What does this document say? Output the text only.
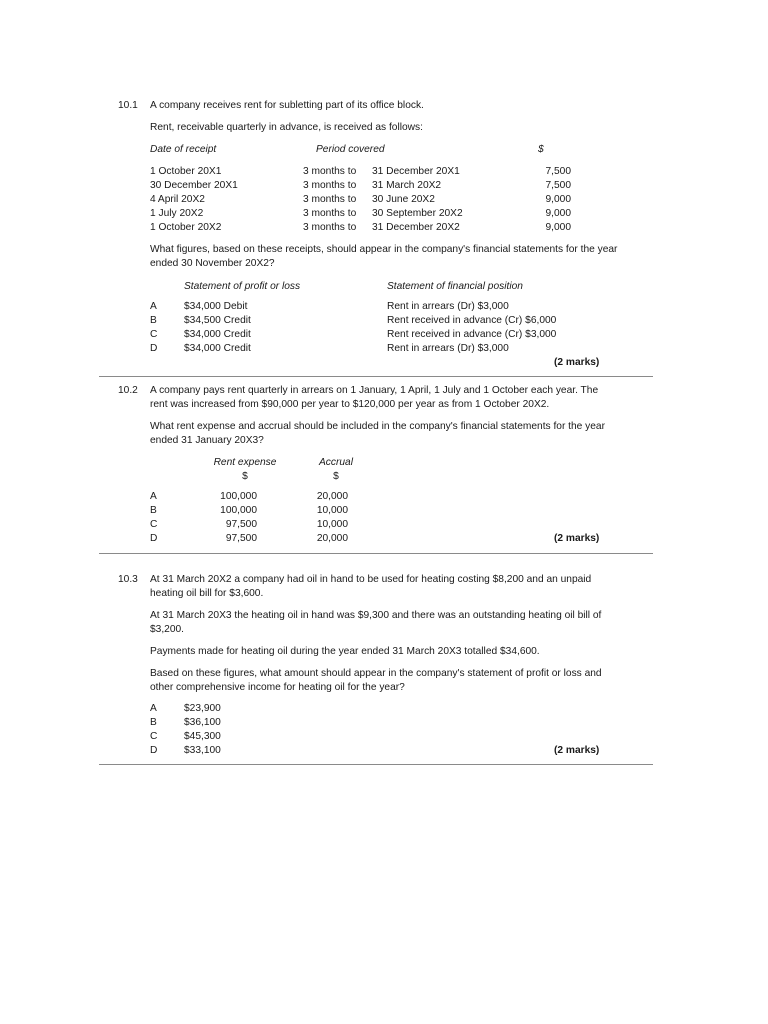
10.1 A company receives rent for subletting part of its office block.
Rent, receivable quarterly in advance, is received as follows:
Date of receipt	Period covered	$
1 October 20X1	3 months to 31 December 20X1	7,500
30 December 20X1	3 months to 31 March 20X2	7,500
4 April 20X2	3 months to 30 June 20X2	9,000
1 July 20X2	3 months to 30 September 20X2	9,000
1 October 20X2	3 months to 31 December 20X2	9,000
What figures, based on these receipts, should appear in the company's financial statements for the year
ended 30 November 20X2?
Statement of profit or loss	Statement of financial position
A	$34,000 Debit	Rent in arrears (Dr) $3,000
B	$34,500 Credit	Rent received in advance (Cr) $6,000
C	$34,000 Credit	Rent received in advance (Cr) $3,000
D	$34,000 Credit	Rent in arrears (Dr) $3,000
(2 marks)
10.2 A company pays rent quarterly in arrears on 1 January, 1 April, 1 July and 1 October each year. The
rent was increased from $90,000 per year to $120,000 per year as from 1 October 20X2.
What rent expense and accrual should be included in the company's financial statements for the year
ended 31 January 20X3?
Rent expense	Accrual
$	$
A	100,000	20,000
B	100,000	10,000
C	97,500	10,000
D	97,500	20,000	(2 marks)
10.3 At 31 March 20X2 a company had oil in hand to be used for heating costing $8,200 and an unpaid
heating oil bill for $3,600.
At 31 March 20X3 the heating oil in hand was $9,300 and there was an outstanding heating oil bill of
$3,200.
Payments made for heating oil during the year ended 31 March 20X3 totalled $34,600.
Based on these figures, what amount should appear in the company's statement of profit or loss and
other comprehensive income for heating oil for the year?
A	$23,900
B	$36,100
C	$45,300
D	$33,100	(2 marks)
